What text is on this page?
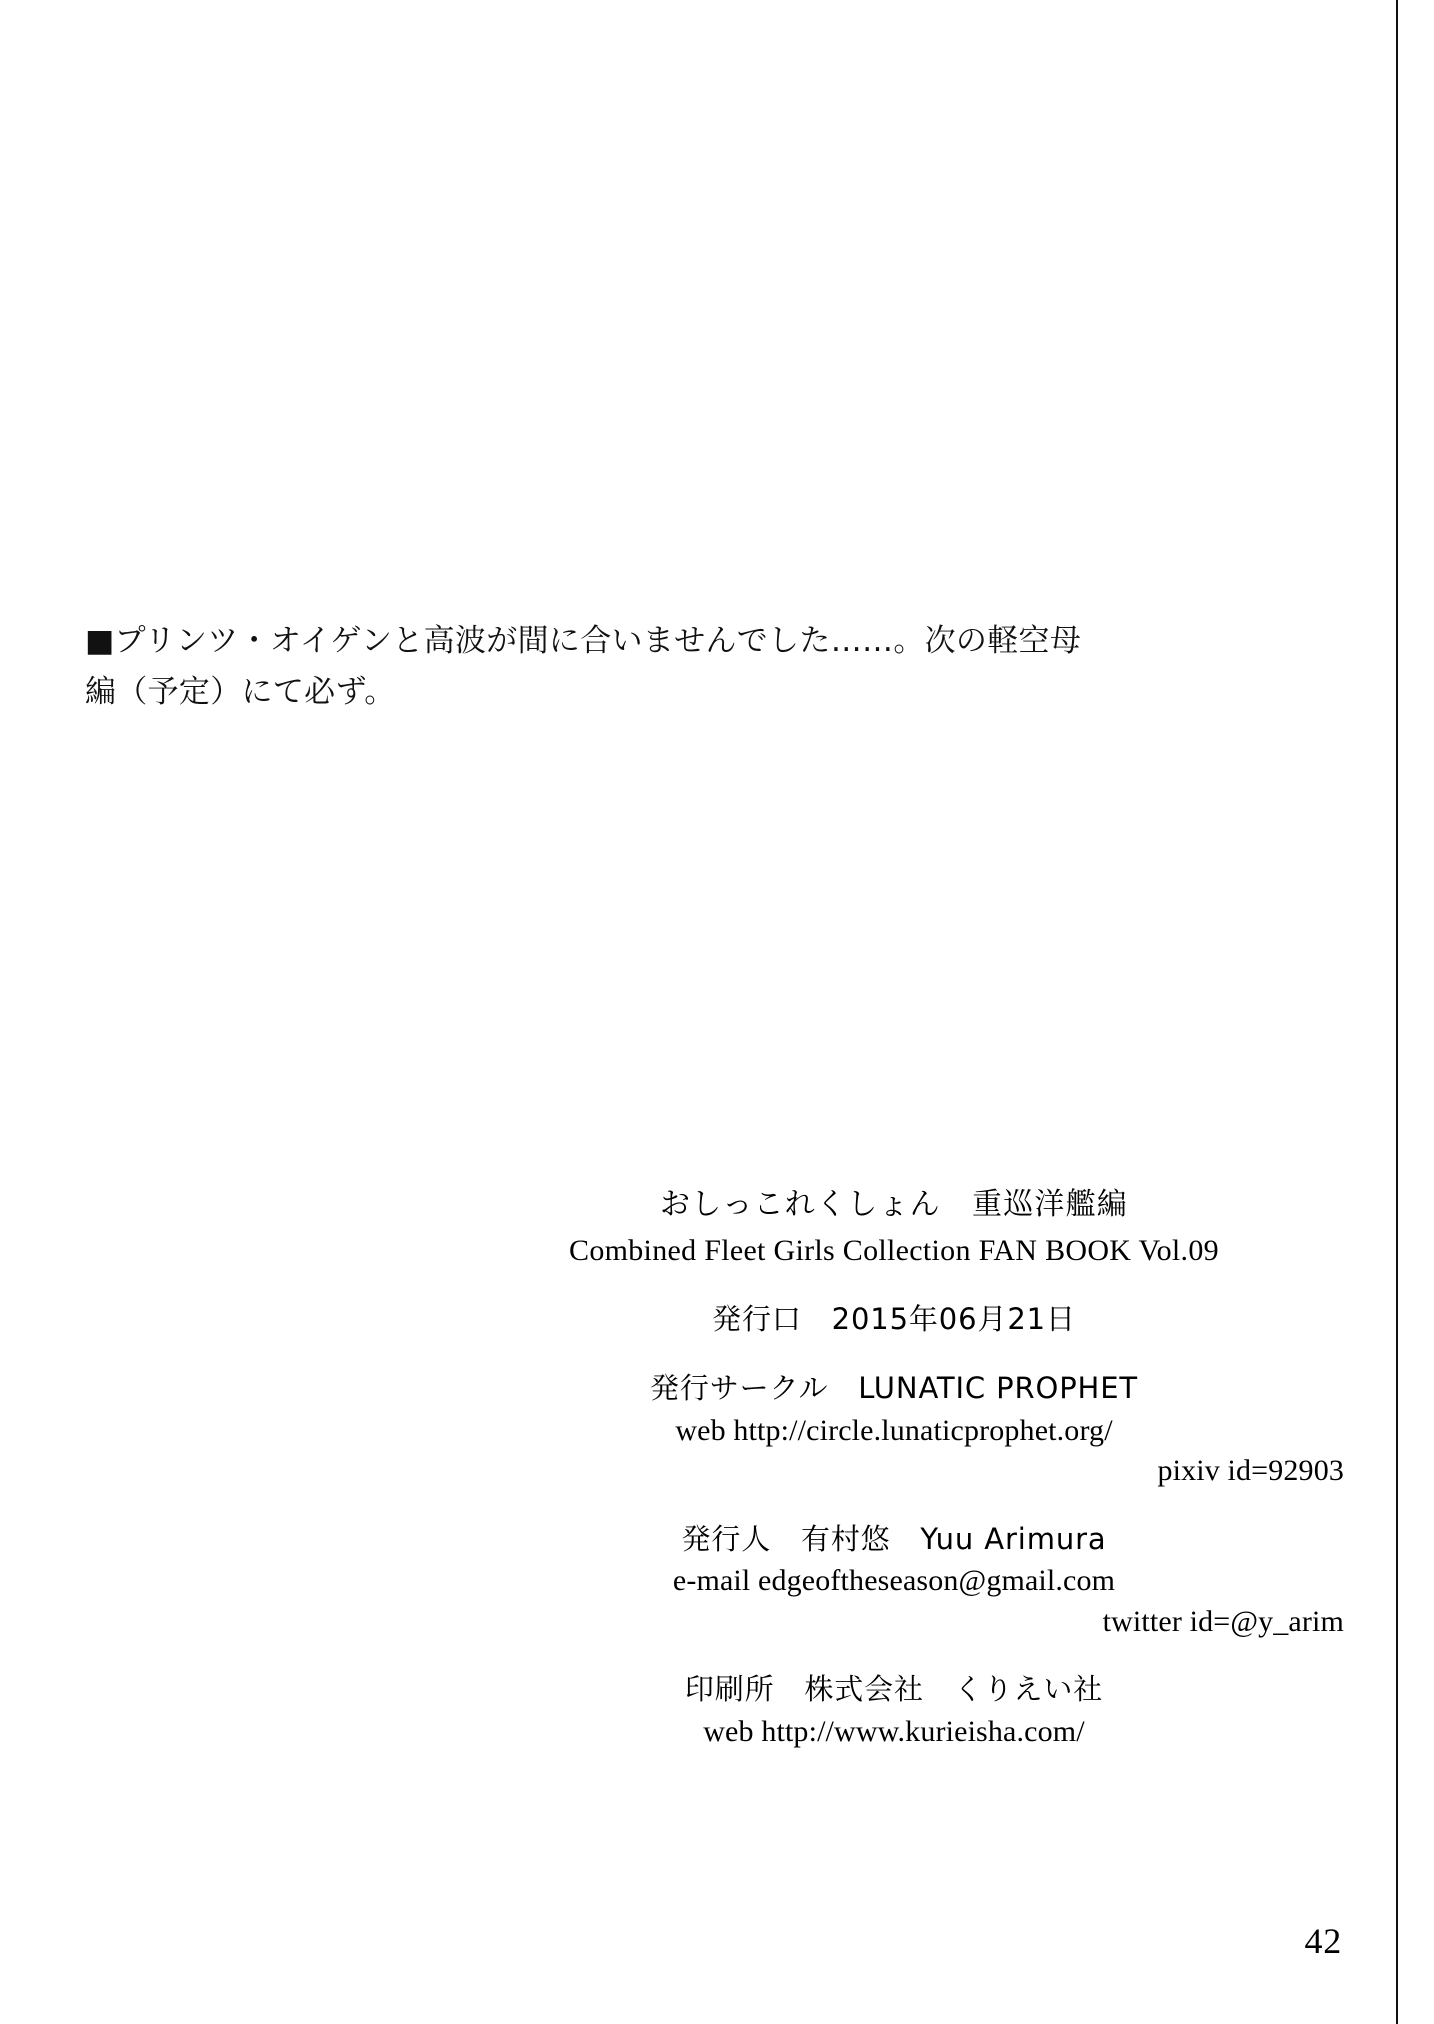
■プリンツ・オイゲンと高波が間に合いませんでした……。次の軽空母
編（予定）にて必ず。
おしっこれくしょん　重巡洋艦編
Combined Fleet Girls Collection FAN BOOK Vol.09
発行口　2015年06月21日
発行サークル　LUNATIC PROPHET
web http://circle.lunaticprophet.org/
pixiv id=92903
発行人　有村悠　Yuu Arimura
e-mail edgeoftheseason@gmail.com
twitter id=@y_arim
印刷所　株式会社　くりえい社
web http://www.kurieisha.com/
42
